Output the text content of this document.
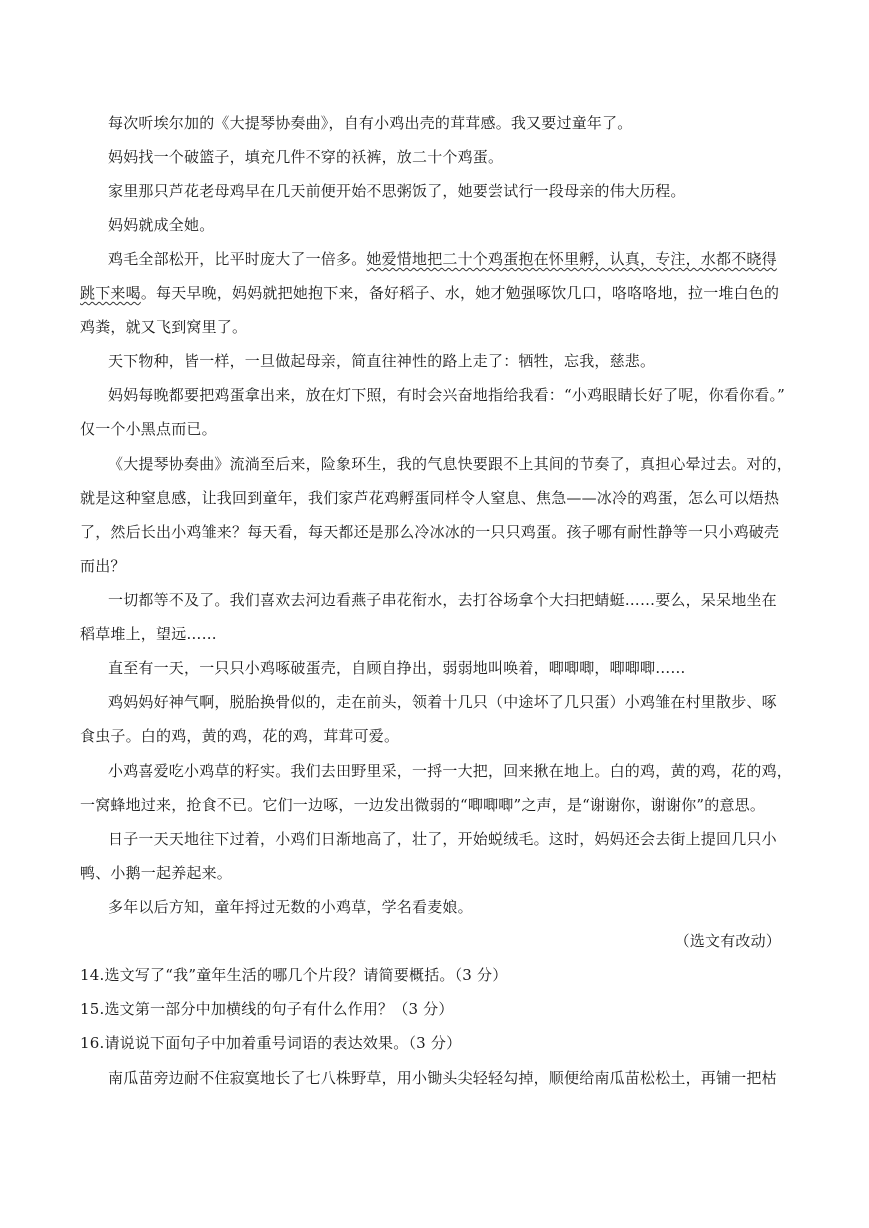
每次听埃尔加的《大提琴协奏曲》，自有小鸡出壳的茸茸感。我又要过童年了。
妈妈找一个破篮子，填充几件不穿的袄裤，放二十个鸡蛋。
家里那只芦花老母鸡早在几天前便开始不思粥饭了，她要尝试行一段母亲的伟大历程。
妈妈就成全她。
鸡毛全部松开，比平时庞大了一倍多。她爱惜地把二十个鸡蛋抱在怀里孵，认真，专注，水都不晓得
跳下来喝。每天早晚，妈妈就把她抱下来，备好稻子、水，她才勉强啄饮几口，咯咯咯地，拉一堆白色的
鸡粪，就又飞到窝里了。
天下物种，皆一样，一旦做起母亲，简直往神性的路上走了：牺牲，忘我，慈悲。
妈妈每晚都要把鸡蛋拿出来，放在灯下照，有时会兴奋地指给我看：“小鸡眼睛长好了呢，你看你看。”
仅一个小黑点而已。
《大提琴协奏曲》流淌至后来，险象环生，我的气息快要跟不上其间的节奏了，真担心晕过去。对的，
就是这种窒息感，让我回到童年，我们家芦花鸡孵蛋同样令人窒息、焦急——冰冷的鸡蛋，怎么可以焐热
了，然后长出小鸡雏来？每天看，每天都还是那么冷冰冰的一只只鸡蛋。孩子哪有耐性静等一只小鸡破壳
而出？
一切都等不及了。我们喜欢去河边看燕子串花衔水，去打谷场拿个大扫把蜻蜓……要么，呆呆地坐在
稻草堆上，望远……
直至有一天，一只只小鸡啄破蛋壳，自顾自挣出，弱弱地叫唤着，唧唧唧，唧唧唧……
鸡妈妈好神气啊，脱胎换骨似的，走在前头，领着十几只（中途坏了几只蛋）小鸡雏在村里散步、啄
食虫子。白的鸡，黄的鸡，花的鸡，茸茸可爱。
小鸡喜爱吃小鸡草的籽实。我们去田野里采，一捋一大把，回来揪在地上。白的鸡，黄的鸡，花的鸡，
一窝蜂地过来，抢食不已。它们一边啄，一边发出微弱的“唧唧唧”之声，是“谢谢你，谢谢你”的意思。
日子一天天地往下过着，小鸡们日渐地高了，壮了，开始蜕绒毛。这时，妈妈还会去街上提回几只小
鸭、小鹅一起养起来。
多年以后方知，童年捋过无数的小鸡草，学名看麦娘。
（选文有改动）
14.选文写了“我”童年生活的哪几个片段？请简要概括。（3 分）
15.选文第一部分中加横线的句子有什么作用？（3 分）
16.请说说下面句子中加着重号词语的表达效果。（3 分）
南瓜苗旁边耐不住寂寞地长了七八株野草，用小锄头尖轻轻勾掉，顺便给南瓜苗松松土，再铺一把枯
